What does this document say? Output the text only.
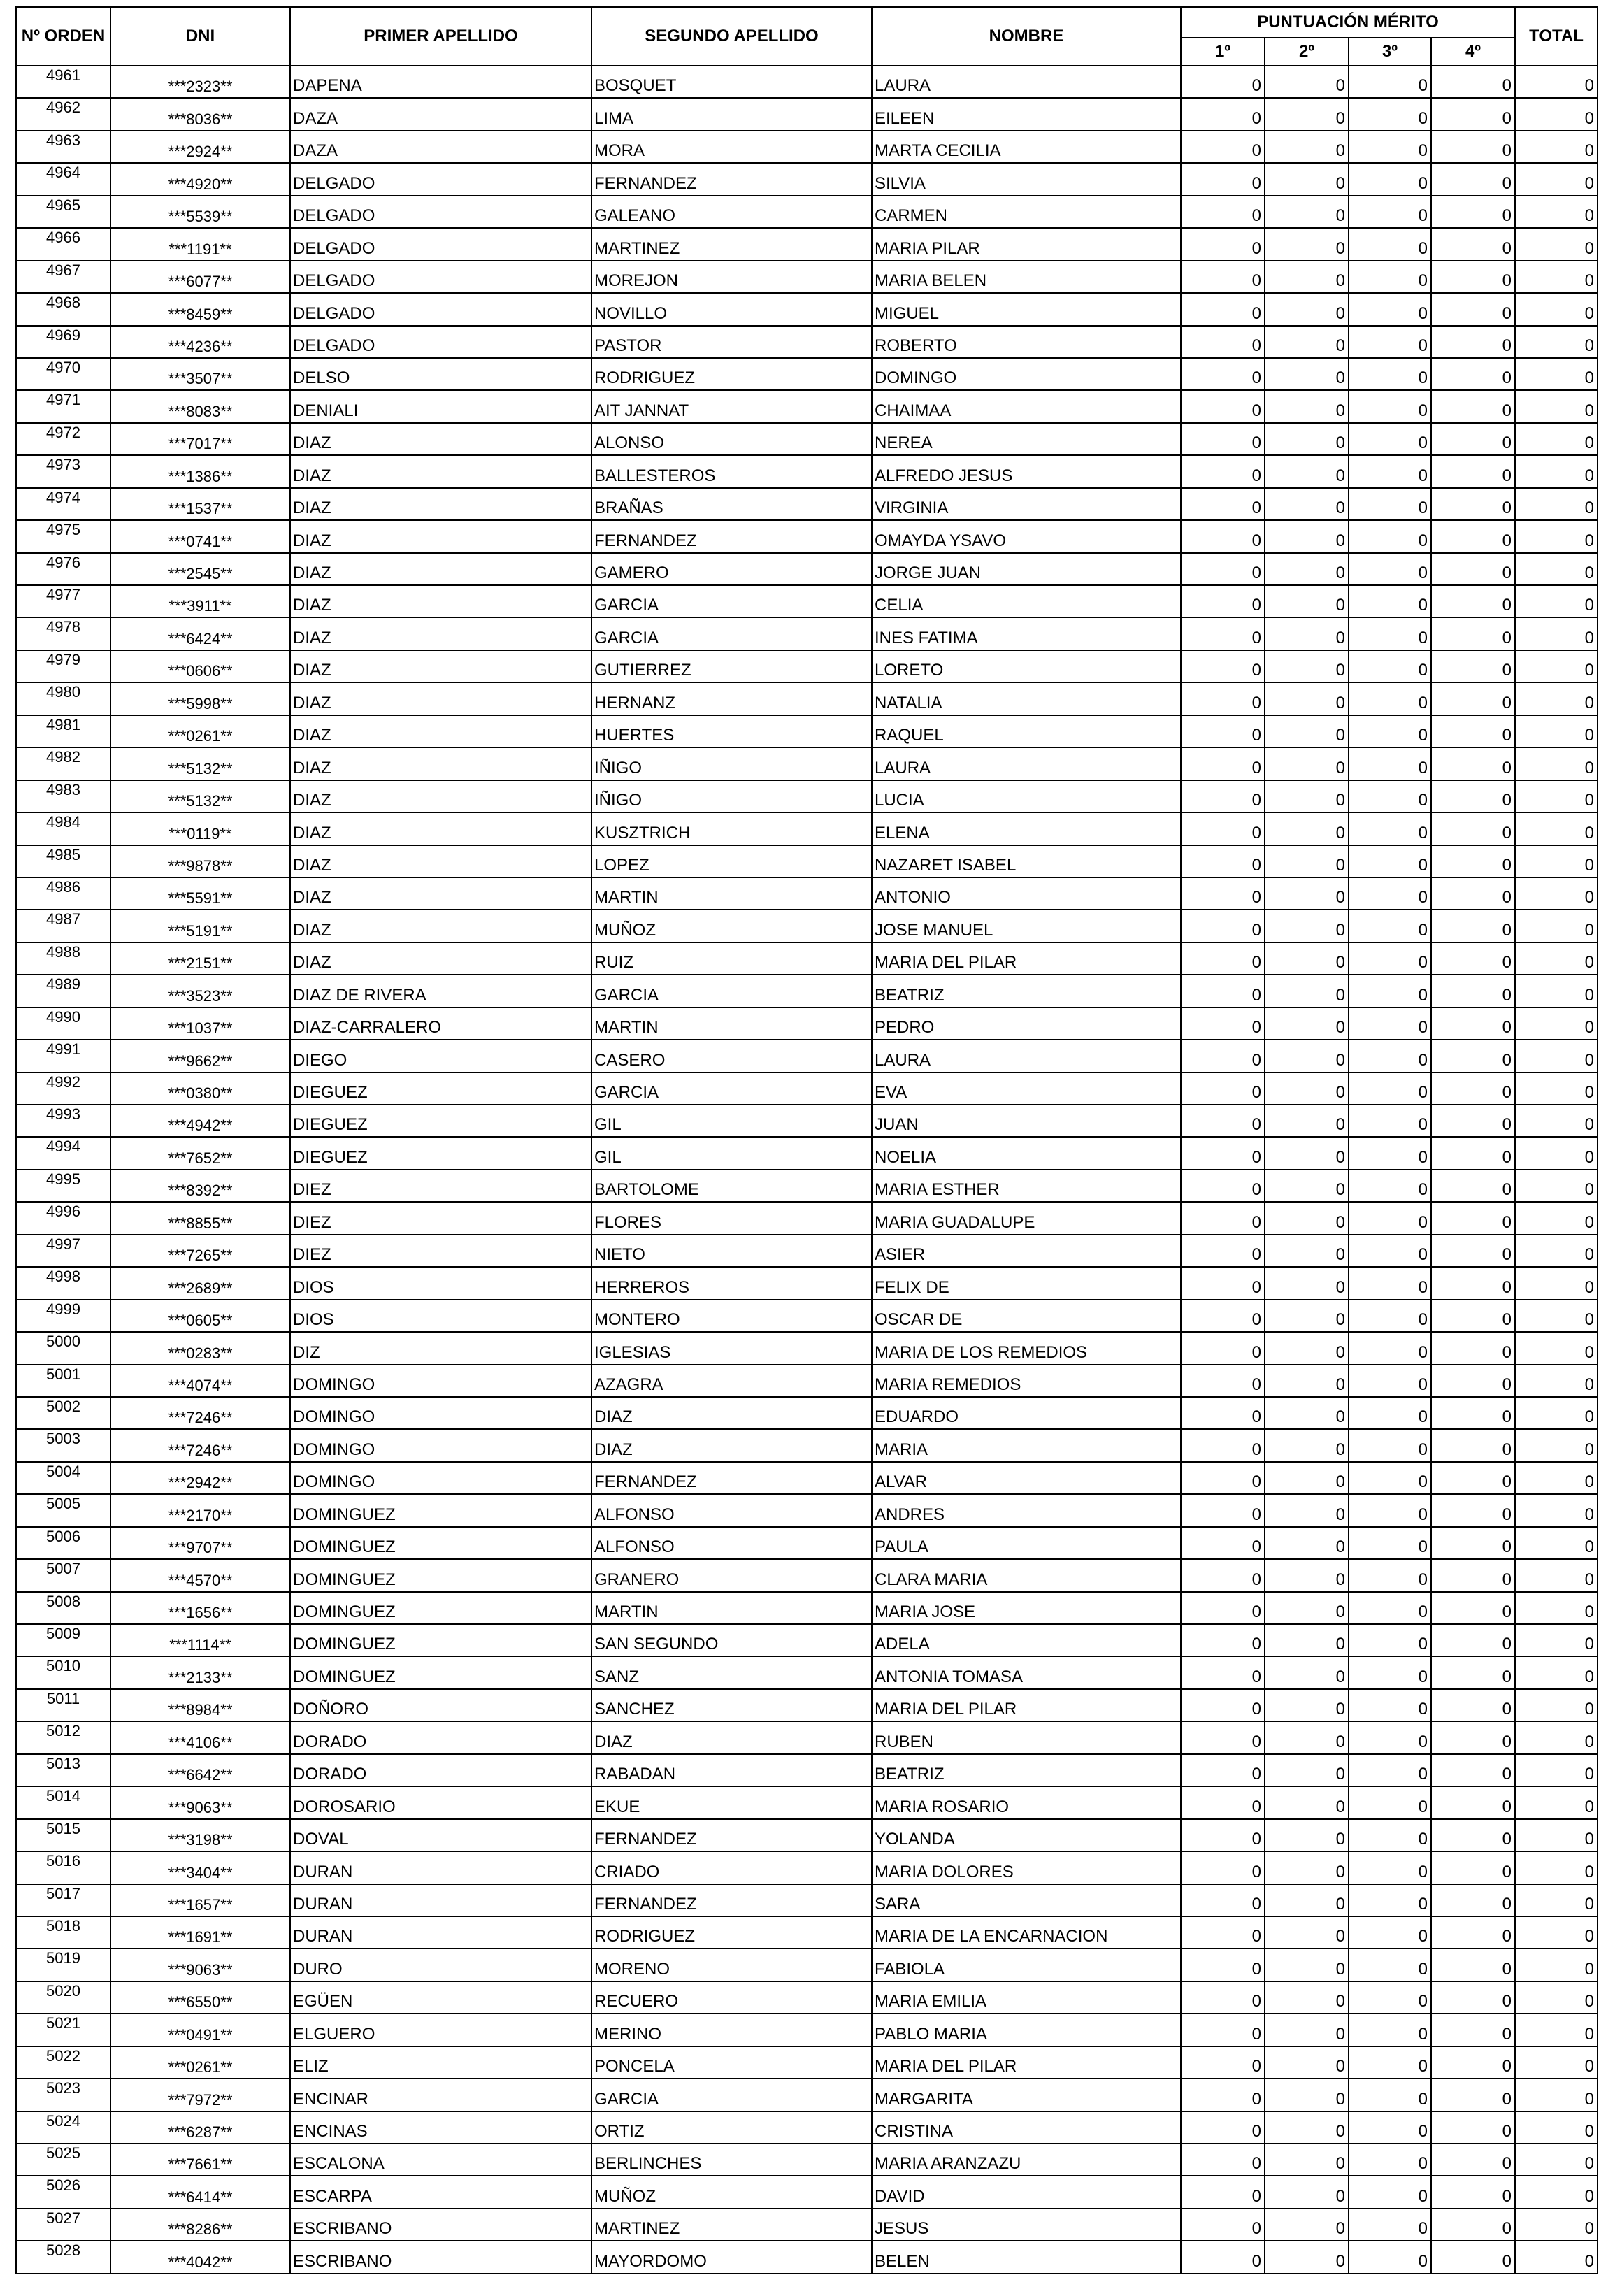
Nº ORDEN	DNI	PRIMER APELLIDO	SEGUNDO APELLIDO	NOMBRE	PUNTUACIÓN MÉRITO				TOTAL
					1º	2º	3º	4º	
4961	***2323**	DAPENA	BOSQUET	LAURA	0	0	0	0	0
4962	***8036**	DAZA	LIMA	EILEEN	0	0	0	0	0
4963	***2924**	DAZA	MORA	MARTA CECILIA	0	0	0	0	0
4964	***4920**	DELGADO	FERNANDEZ	SILVIA	0	0	0	0	0
4965	***5539**	DELGADO	GALEANO	CARMEN	0	0	0	0	0
4966	***1191**	DELGADO	MARTINEZ	MARIA PILAR	0	0	0	0	0
4967	***6077**	DELGADO	MOREJON	MARIA BELEN	0	0	0	0	0
4968	***8459**	DELGADO	NOVILLO	MIGUEL	0	0	0	0	0
4969	***4236**	DELGADO	PASTOR	ROBERTO	0	0	0	0	0
4970	***3507**	DELSO	RODRIGUEZ	DOMINGO	0	0	0	0	0
4971	***8083**	DENIALI	AIT JANNAT	CHAIMAA	0	0	0	0	0
4972	***7017**	DIAZ	ALONSO	NEREA	0	0	0	0	0
4973	***1386**	DIAZ	BALLESTEROS	ALFREDO JESUS	0	0	0	0	0
4974	***1537**	DIAZ	BRAÑAS	VIRGINIA	0	0	0	0	0
4975	***0741**	DIAZ	FERNANDEZ	OMAYDA YSAVO	0	0	0	0	0
4976	***2545**	DIAZ	GAMERO	JORGE JUAN	0	0	0	0	0
4977	***3911**	DIAZ	GARCIA	CELIA	0	0	0	0	0
4978	***6424**	DIAZ	GARCIA	INES FATIMA	0	0	0	0	0
4979	***0606**	DIAZ	GUTIERREZ	LORETO	0	0	0	0	0
4980	***5998**	DIAZ	HERNANZ	NATALIA	0	0	0	0	0
4981	***0261**	DIAZ	HUERTES	RAQUEL	0	0	0	0	0
4982	***5132**	DIAZ	IÑIGO	LAURA	0	0	0	0	0
4983	***5132**	DIAZ	IÑIGO	LUCIA	0	0	0	0	0
4984	***0119**	DIAZ	KUSZTRICH	ELENA	0	0	0	0	0
4985	***9878**	DIAZ	LOPEZ	NAZARET ISABEL	0	0	0	0	0
4986	***5591**	DIAZ	MARTIN	ANTONIO	0	0	0	0	0
4987	***5191**	DIAZ	MUÑOZ	JOSE MANUEL	0	0	0	0	0
4988	***2151**	DIAZ	RUIZ	MARIA DEL PILAR	0	0	0	0	0
4989	***3523**	DIAZ DE RIVERA	GARCIA	BEATRIZ	0	0	0	0	0
4990	***1037**	DIAZ-CARRALERO	MARTIN	PEDRO	0	0	0	0	0
4991	***9662**	DIEGO	CASERO	LAURA	0	0	0	0	0
4992	***0380**	DIEGUEZ	GARCIA	EVA	0	0	0	0	0
4993	***4942**	DIEGUEZ	GIL	JUAN	0	0	0	0	0
4994	***7652**	DIEGUEZ	GIL	NOELIA	0	0	0	0	0
4995	***8392**	DIEZ	BARTOLOME	MARIA ESTHER	0	0	0	0	0
4996	***8855**	DIEZ	FLORES	MARIA GUADALUPE	0	0	0	0	0
4997	***7265**	DIEZ	NIETO	ASIER	0	0	0	0	0
4998	***2689**	DIOS	HERREROS	FELIX DE	0	0	0	0	0
4999	***0605**	DIOS	MONTERO	OSCAR DE	0	0	0	0	0
5000	***0283**	DIZ	IGLESIAS	MARIA DE LOS REMEDIOS	0	0	0	0	0
5001	***4074**	DOMINGO	AZAGRA	MARIA REMEDIOS	0	0	0	0	0
5002	***7246**	DOMINGO	DIAZ	EDUARDO	0	0	0	0	0
5003	***7246**	DOMINGO	DIAZ	MARIA	0	0	0	0	0
5004	***2942**	DOMINGO	FERNANDEZ	ALVAR	0	0	0	0	0
5005	***2170**	DOMINGUEZ	ALFONSO	ANDRES	0	0	0	0	0
5006	***9707**	DOMINGUEZ	ALFONSO	PAULA	0	0	0	0	0
5007	***4570**	DOMINGUEZ	GRANERO	CLARA MARIA	0	0	0	0	0
5008	***1656**	DOMINGUEZ	MARTIN	MARIA JOSE	0	0	0	0	0
5009	***1114**	DOMINGUEZ	SAN SEGUNDO	ADELA	0	0	0	0	0
5010	***2133**	DOMINGUEZ	SANZ	ANTONIA TOMASA	0	0	0	0	0
5011	***8984**	DOÑORO	SANCHEZ	MARIA DEL PILAR	0	0	0	0	0
5012	***4106**	DORADO	DIAZ	RUBEN	0	0	0	0	0
5013	***6642**	DORADO	RABADAN	BEATRIZ	0	0	0	0	0
5014	***9063**	DOROSARIO	EKUE	MARIA ROSARIO	0	0	0	0	0
5015	***3198**	DOVAL	FERNANDEZ	YOLANDA	0	0	0	0	0
5016	***3404**	DURAN	CRIADO	MARIA DOLORES	0	0	0	0	0
5017	***1657**	DURAN	FERNANDEZ	SARA	0	0	0	0	0
5018	***1691**	DURAN	RODRIGUEZ	MARIA DE LA ENCARNACION	0	0	0	0	0
5019	***9063**	DURO	MORENO	FABIOLA	0	0	0	0	0
5020	***6550**	EGÜEN	RECUERO	MARIA EMILIA	0	0	0	0	0
5021	***0491**	ELGUERO	MERINO	PABLO MARIA	0	0	0	0	0
5022	***0261**	ELIZ	PONCELA	MARIA DEL PILAR	0	0	0	0	0
5023	***7972**	ENCINAR	GARCIA	MARGARITA	0	0	0	0	0
5024	***6287**	ENCINAS	ORTIZ	CRISTINA	0	0	0	0	0
5025	***7661**	ESCALONA	BERLINCHES	MARIA ARANZAZU	0	0	0	0	0
5026	***6414**	ESCARPA	MUÑOZ	DAVID	0	0	0	0	0
5027	***8286**	ESCRIBANO	MARTINEZ	JESUS	0	0	0	0	0
5028	***4042**	ESCRIBANO	MAYORDOMO	BELEN	0	0	0	0	0
